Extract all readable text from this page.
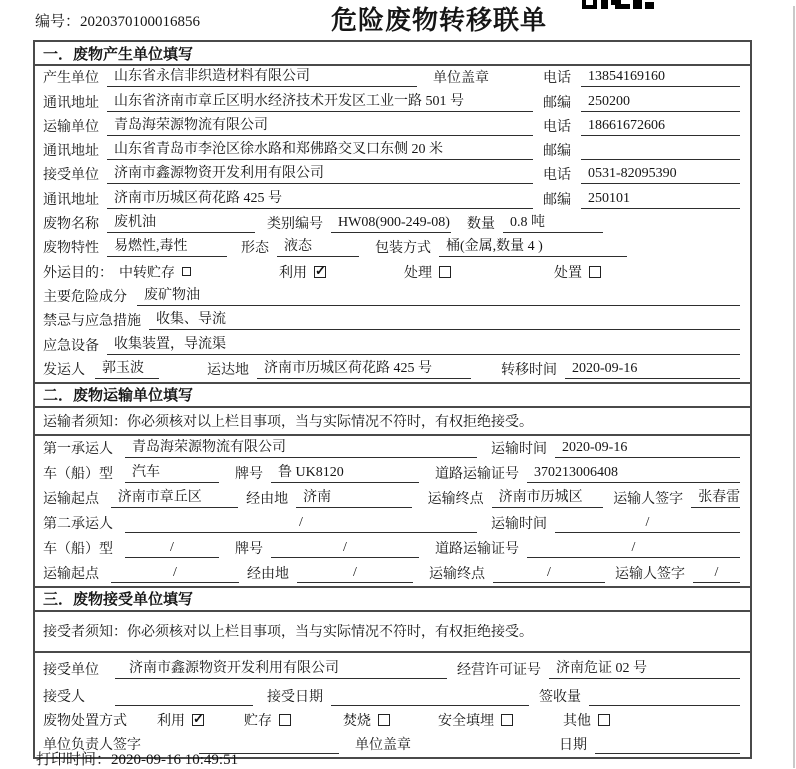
编号：2020370100016856	危险废物转移联单
一．废物产生单位填写
产生单位	山东省永信非织造材料有限公司	单位盖章	电话	13854169160
通讯地址	山东省济南市章丘区明水经济技术开发区工业一路 501 号	邮编	250200
运输单位	青岛海荣源物流有限公司	电话	18661672606
通讯地址	山东省青岛市李沧区徐水路和郑佛路交叉口东侧 20 米	邮编
接受单位	济南市鑫源物资开发利用有限公司	电话	0531-82095390
通讯地址	济南市历城区荷花路 425 号	邮编	250101
废物名称	废机油	类别编号	HW08(900-249-08) 数量	0.8 吨
废物特性	易燃性,毒性	形态	液态	包装方式	桶(金属,数量 4 )
外运目的： 中转贮存	利用 ✓	处理	处置
主要危险成分	废矿物油
禁忌与应急措施	收集、导流
应急设备	收集装置，导流渠
发运人	郭玉波	运达地	济南市历城区荷花路 425 号	转移时间	2020-09-16
二．废物运输单位填写
运输者须知：你必须核对以上栏目事项，当与实际情况不符时，有权拒绝接受。
第一承运人	青岛海荣源物流有限公司	运输时间	2020-09-16
车（船）型	汽车	牌号	鲁 UK8120	道路运输证号	370213006408
运输起点	济南市章丘区	经由地	济南	运输终点	济南市历城区	运输人签字	张春雷
第二承运人	/	运输时间	/
车（船）型	/	牌号	/	道路运输证号	/
运输起点	/	经由地	/	运输终点	/	运输人签字	/
三．废物接受单位填写
接受者须知：你必须核对以上栏目事项，当与实际情况不符时，有权拒绝接受。
接受单位	济南市鑫源物资开发利用有限公司	经营许可证号	济南危证 02 号
接受人	接受日期	签收量
废物处置方式 利用 ✓	贮存	焚烧	安全填埋	其他
单位负责人签字	单位盖章	日期
打印时间：2020-09-16 10:49:51
